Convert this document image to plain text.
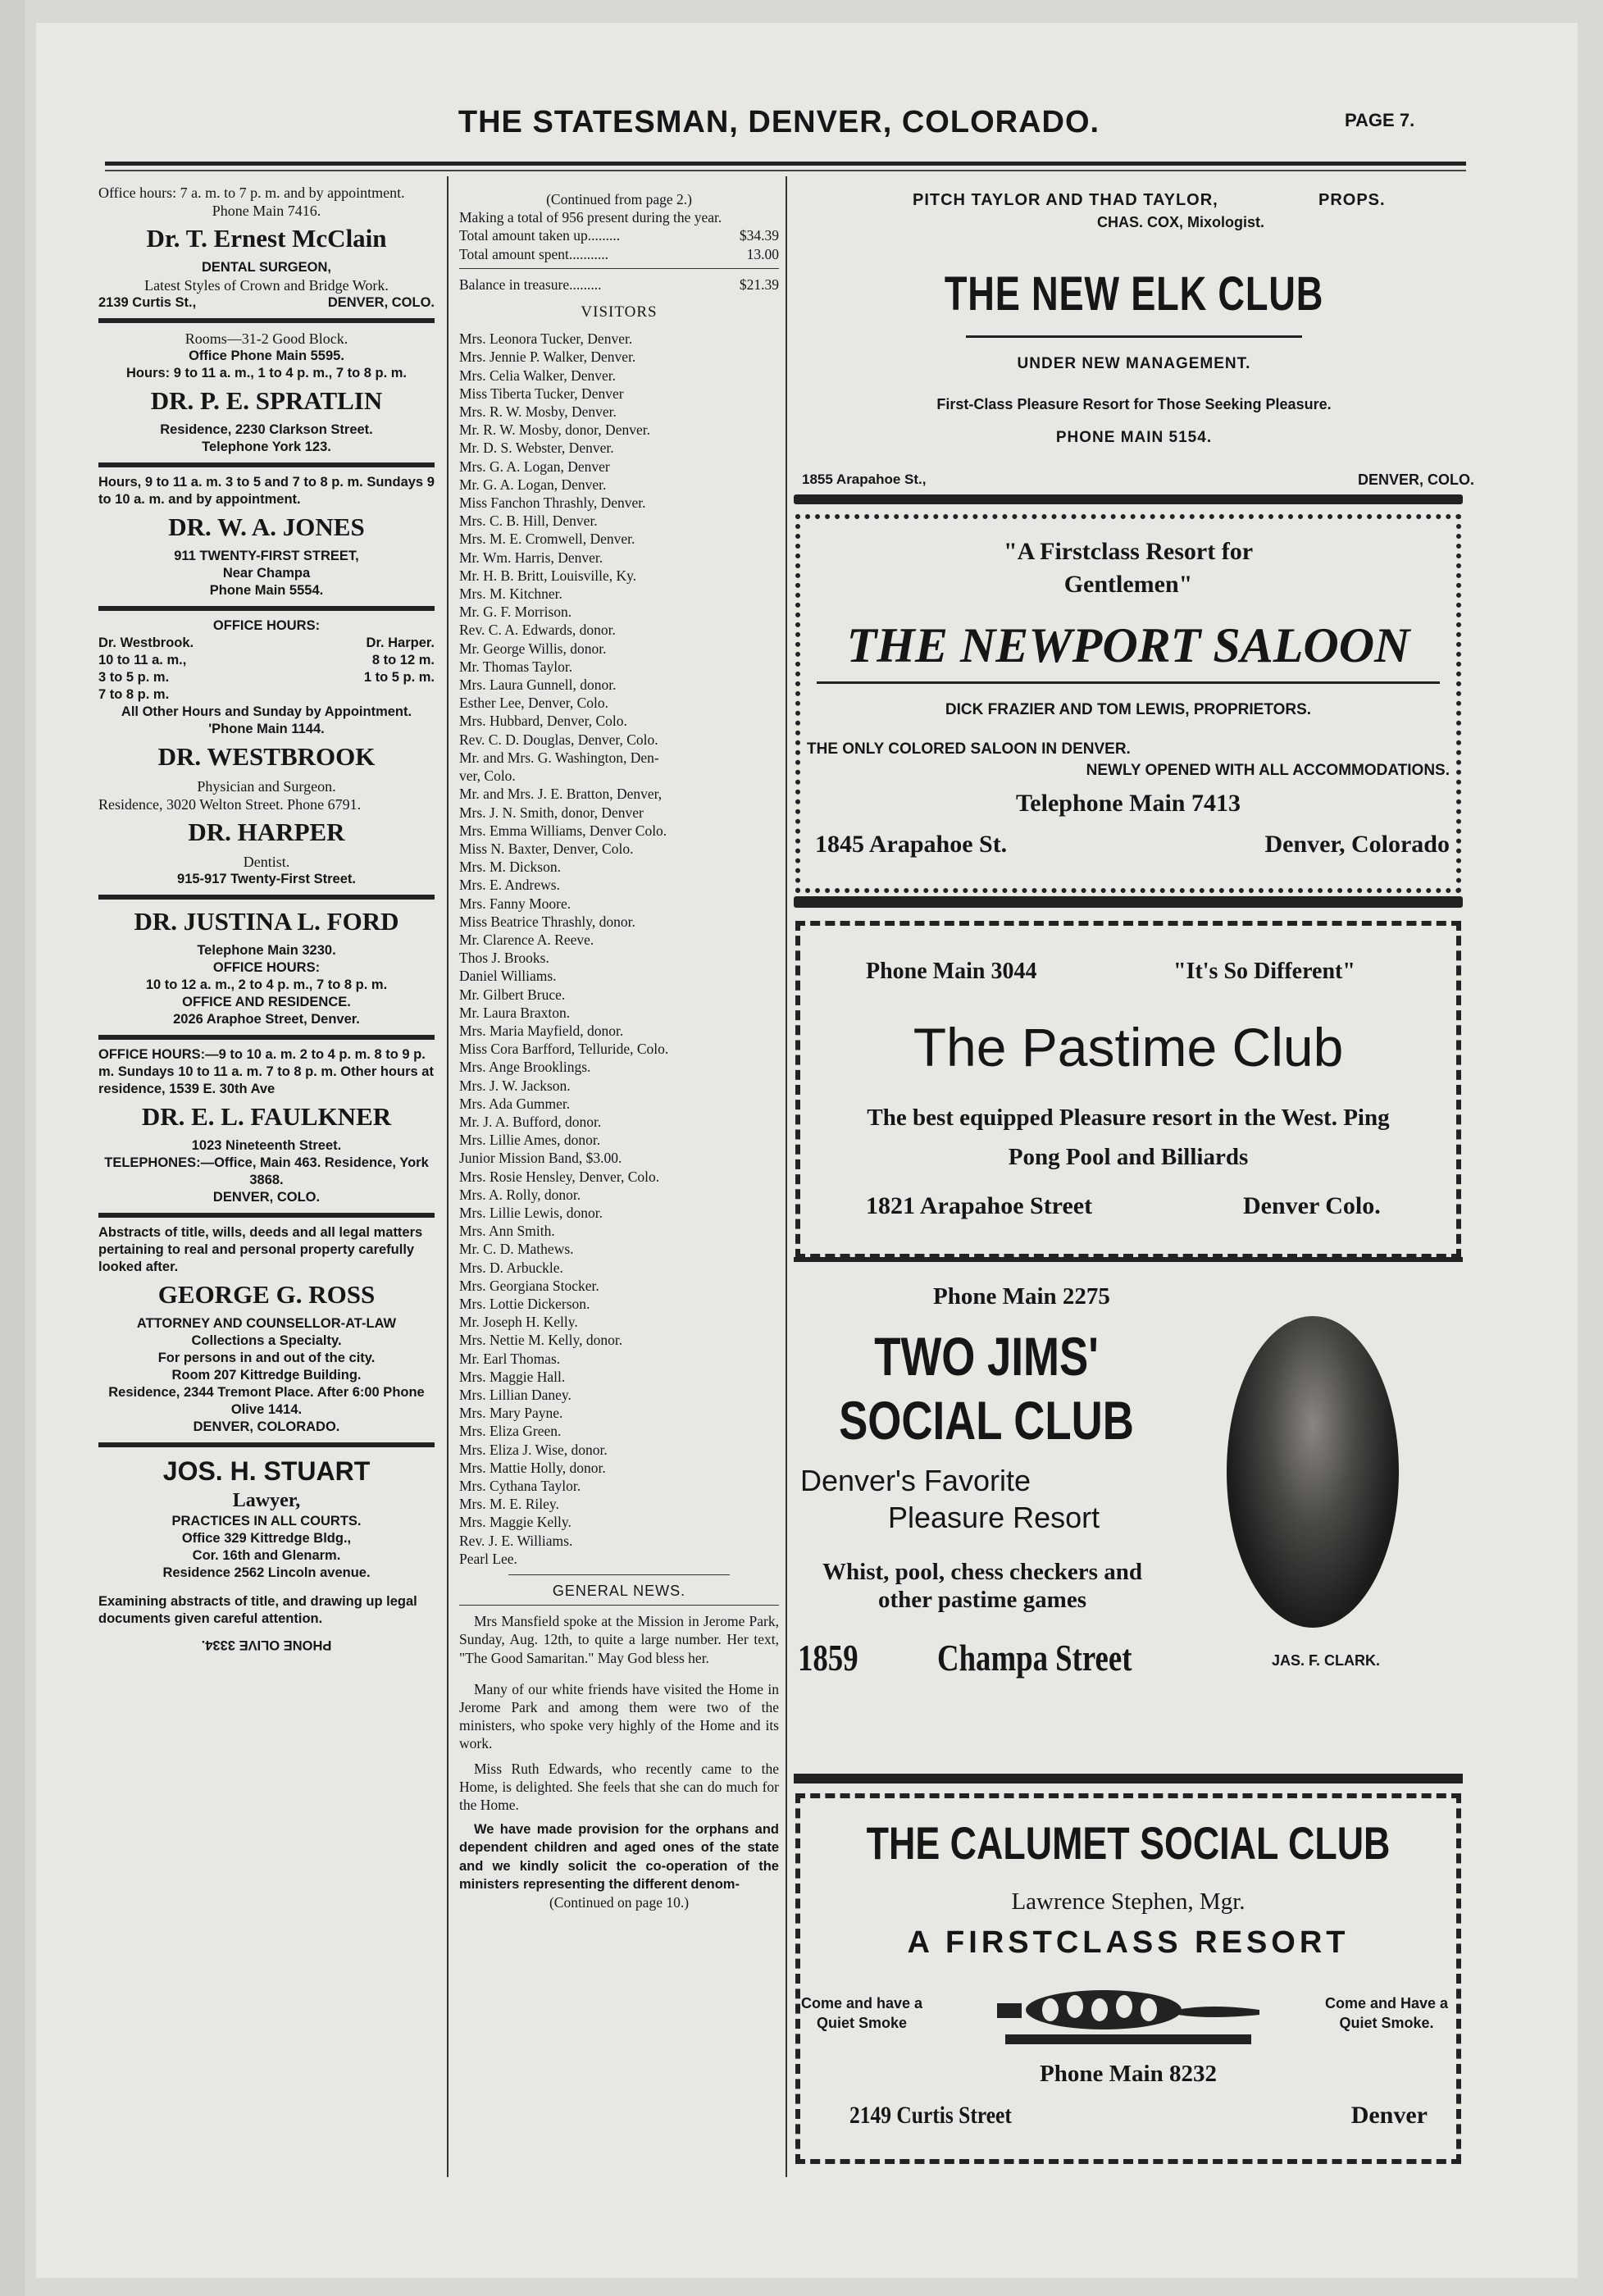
THE STATESMAN, DENVER, COLORADO.	PAGE 7.
Office hours: 7 a. m. to 7 p. m. and by appointment.
Phone Main 7416.
Dr. T. Ernest McClain
DENTAL SURGEON,
Latest Styles of Crown and Bridge Work.
2139 Curtis St.,	DENVER, COLO.
Rooms—31-2 Good Block.
Office Phone Main 5595.
Hours: 9 to 11 a. m., 1 to 4 p. m., 7 to 8 p. m.
DR. P. E. SPRATLIN
Residence, 2230 Clarkson Street.
Telephone York 123.
Hours, 9 to 11 a. m. 3 to 5 and 7 to 8 p. m. Sundays 9 to 10 a. m. and by appointment.
DR. W. A. JONES
911 TWENTY-FIRST STREET,
Near Champa
Phone Main 5554.
OFFICE HOURS:
Dr. Westbrook.	Dr. Harper.
10 to 11 a. m.,	8 to 12 m.
3 to 5 p. m.	1 to 5 p. m.
7 to 8 p. m.
All Other Hours and Sunday by Appointment.
'Phone Main 1144.
DR. WESTBROOK
Physician and Surgeon.
Residence, 3020 Welton Street. Phone 6791.
DR. HARPER
Dentist.
915-917 Twenty-First Street.
DR. JUSTINA L. FORD
Telephone Main 3230.
OFFICE HOURS:
10 to 12 a. m., 2 to 4 p. m., 7 to 8 p. m.
OFFICE AND RESIDENCE.
2026 Araphoe Street, Denver.
OFFICE HOURS:—9 to 10 a. m. 2 to 4 p. m. 8 to 9 p. m. Sundays 10 to 11 a. m. 7 to 8 p. m. Other hours at residence, 1539 E. 30th Ave
DR. E. L. FAULKNER
1023 Nineteenth Street.
TELEPHONES:—Office, Main 463. Residence, York 3868.
DENVER, COLO.
Abstracts of title, wills, deeds and all legal matters pertaining to real and personal property carefully looked after.
GEORGE G. ROSS
ATTORNEY AND COUNSELLOR-AT-LAW
Collections a Specialty.
For persons in and out of the city.
Room 207 Kittredge Building.
Residence, 2344 Tremont Place. After 6:00 Phone Olive 1414.
DENVER, COLORADO.
JOS. H. STUART
Lawyer,
PRACTICES IN ALL COURTS.
Office 329 Kittredge Bldg.,
Cor. 16th and Glenarm.
Residence 2562 Lincoln avenue.
Examining abstracts of title, and drawing up legal documents given careful attention.
PHONE OLIVE 3334.
(Continued from page 2.)
Making a total of 956 present during the year.
Total amount taken up.........	$34.39
Total amount spent...........	13.00
Balance in treasure.........	$21.39
VISITORS
Mrs. Leonora Tucker, Denver.
Mrs. Jennie P. Walker, Denver.
Mrs. Celia Walker, Denver.
Miss Tiberta Tucker, Denver
Mrs. R. W. Mosby, Denver.
Mr. R. W. Mosby, donor, Denver.
Mr. D. S. Webster, Denver.
Mrs. G. A. Logan, Denver
Mr. G. A. Logan, Denver.
Miss Fanchon Thrashly, Denver.
Mrs. C. B. Hill, Denver.
Mrs. M. E. Cromwell, Denver.
Mr. Wm. Harris, Denver.
Mr. H. B. Britt, Louisville, Ky.
Mrs. M. Kitchner.
Mr. G. F. Morrison.
Rev. C. A. Edwards, donor.
Mr. George Willis, donor.
Mr. Thomas Taylor.
Mrs. Laura Gunnell, donor.
Esther Lee, Denver, Colo.
Mrs. Hubbard, Denver, Colo.
Rev. C. D. Douglas, Denver, Colo.
Mr. and Mrs. G. Washington, Den-
ver, Colo.
Mr. and Mrs. J. E. Bratton, Denver,
Mrs. J. N. Smith, donor, Denver
Mrs. Emma Williams, Denver Colo.
Miss N. Baxter, Denver, Colo.
Mrs. M. Dickson.
Mrs. E. Andrews.
Mrs. Fanny Moore.
Miss Beatrice Thrashly, donor.
Mr. Clarence A. Reeve.
Thos J. Brooks.
Daniel Williams.
Mr. Gilbert Bruce.
Mr. Laura Braxton.
Mrs. Maria Mayfield, donor.
Miss Cora Barfford, Telluride, Colo.
Mrs. Ange Brooklings.
Mrs. J. W. Jackson.
Mrs. Ada Gummer.
Mr. J. A. Bufford, donor.
Mrs. Lillie Ames, donor.
Junior Mission Band, $3.00.
Mrs. Rosie Hensley, Denver, Colo.
Mrs. A. Rolly, donor.
Mrs. Lillie Lewis, donor.
Mrs. Ann Smith.
Mr. C. D. Mathews.
Mrs. D. Arbuckle.
Mrs. Georgiana Stocker.
Mrs. Lottie Dickerson.
Mr. Joseph H. Kelly.
Mrs. Nettie M. Kelly, donor.
Mr. Earl Thomas.
Mrs. Maggie Hall.
Mrs. Lillian Daney.
Mrs. Mary Payne.
Mrs. Eliza Green.
Mrs. Eliza J. Wise, donor.
Mrs. Mattie Holly, donor.
Mrs. Cythana Taylor.
Mrs. M. E. Riley.
Mrs. Maggie Kelly.
Rev. J. E. Williams.
Pearl Lee.
GENERAL NEWS.
Mrs Mansfield spoke at the Mission in Jerome Park, Sunday, Aug. 12th, to quite a large number. Her text, "The Good Samaritan." May God bless her.
Many of our white friends have visited the Home in Jerome Park and among them were two of the ministers, who spoke very highly of the Home and its work.
Miss Ruth Edwards, who recently came to the Home, is delighted. She feels that she can do much for the Home.
We have made provision for the orphans and dependent children and aged ones of the state and we kindly solicit the co-operation of the ministers representing the different denom-
(Continued on page 10.)
PITCH TAYLOR AND THAD TAYLOR,	PROPS.
CHAS. COX, Mixologist.
THE NEW ELK CLUB
UNDER NEW MANAGEMENT.
First-Class Pleasure Resort for Those Seeking Pleasure.
PHONE MAIN 5154.
1855 Arapahoe St.,	DENVER, COLO.
"A Firstclass Resort for Gentlemen"
THE NEWPORT SALOON
DICK FRAZIER AND TOM LEWIS, PROPRIETORS.
THE ONLY COLORED SALOON IN DENVER.
NEWLY OPENED WITH ALL ACCOMMODATIONS.
Telephone Main 7413
1845 Arapahoe St.	Denver, Colorado
Phone Main 3044	"It's So Different"
The Pastime Club
The best equipped Pleasure resort in the West. Ping Pong Pool and Billiards
1821 Arapahoe Street	Denver Colo.
Phone Main 2275
TWO JIMS'
SOCIAL CLUB
Denver's Favorite
Pleasure Resort
Whist, pool, chess checkers and other pastime games
1859 Champa Street	JAS. F. CLARK.
THE CALUMET SOCIAL CLUB
Lawrence Stephen, Mgr.
A FIRSTCLASS RESORT
Come and have a Quiet Smoke
Come and Have a Quiet Smoke.
Phone Main 8232
2149 Curtis Street	Denver
